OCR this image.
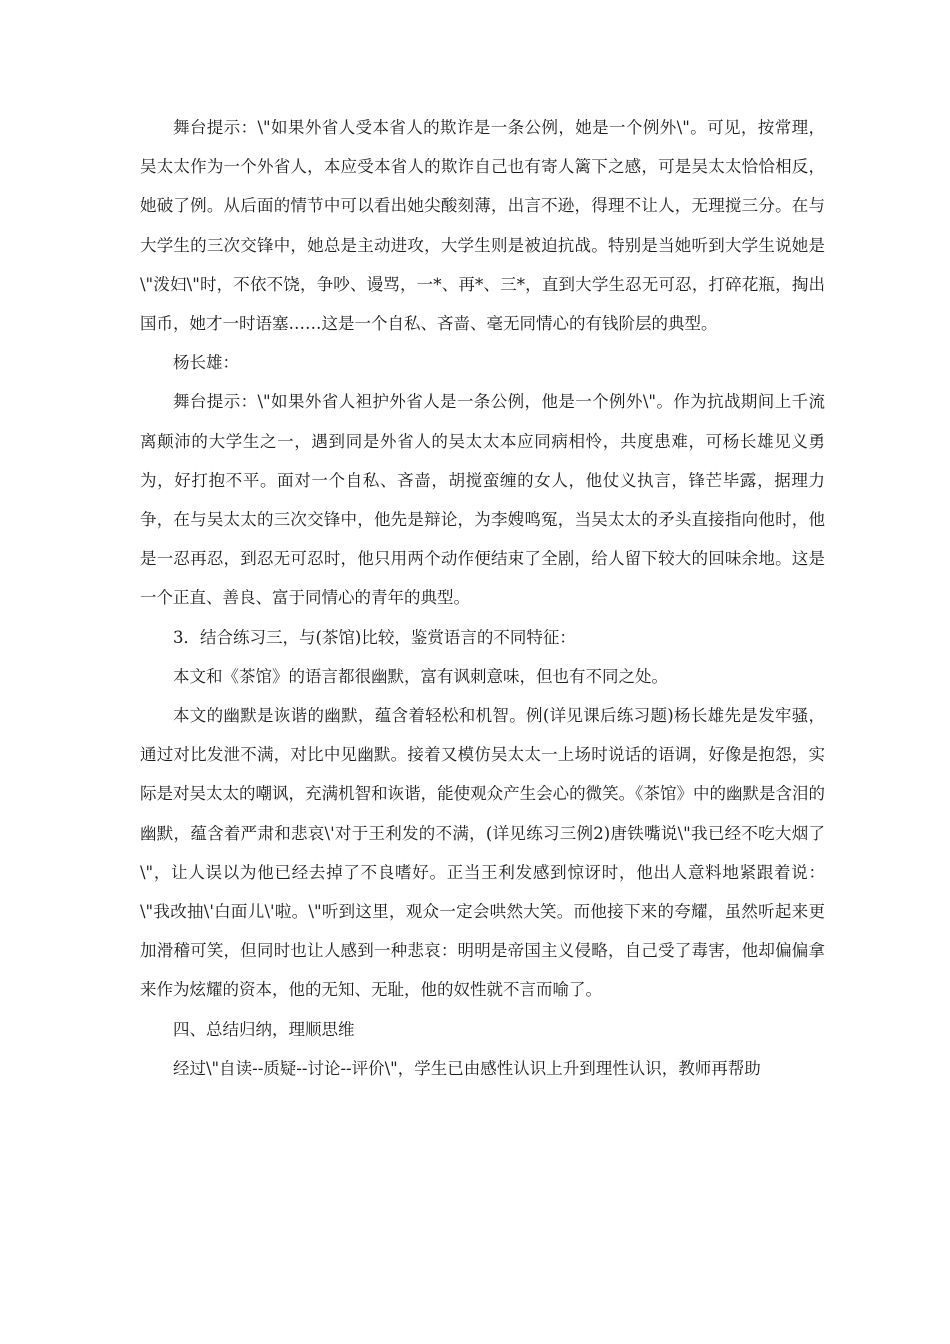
舞台提示：\"如果外省人受本省人的欺诈是一条公例，她是一个例外\"。可见，按常理，吴太太作为一个外省人，本应受本省人的欺诈自己也有寄人篱下之感，可是吴太太恰恰相反，她破了例。从后面的情节中可以看出她尖酸刻薄，出言不逊，得理不让人，无理搅三分。在与大学生的三次交锋中，她总是主动进攻，大学生则是被迫抗战。特别是当她听到大学生说她是\"泼妇\"时，不依不饶，争吵、谩骂，一*、再*、三*，直到大学生忍无可忍，打碎花瓶，掏出国币，她才一时语塞……这是一个自私、吝啬、毫无同情心的有钱阶层的典型。

杨长雄：

舞台提示：\"如果外省人袒护外省人是一条公例，他是一个例外\"。作为抗战期间上千流离颠沛的大学生之一，遇到同是外省人的吴太太本应同病相怜，共度患难，可杨长雄见义勇为，好打抱不平。面对一个自私、吝啬，胡搅蛮缠的女人，他仗义执言，锋芒毕露，据理力争，在与吴太太的三次交锋中，他先是辩论，为李嫂鸣冤，当吴太太的矛头直接指向他时，他是一忍再忍，到忍无可忍时，他只用两个动作便结束了全剧，给人留下较大的回味余地。这是一个正直、善良、富于同情心的青年的典型。

3．结合练习三，与(茶馆)比较，鉴赏语言的不同特征：

本文和《茶馆》的语言都很幽默，富有讽刺意味，但也有不同之处。

本文的幽默是诙谐的幽默，蕴含着轻松和机智。例(详见课后练习题)杨长雄先是发牢骚，通过对比发泄不满，对比中见幽默。接着又模仿吴太太一上场时说话的语调，好像是抱怨，实际是对吴太太的嘲讽，充满机智和诙谐，能使观众产生会心的微笑。《茶馆》中的幽默是含泪的幽默，蕴含着严肃和悲哀\'对于王利发的不满，(详见练习三例2)唐铁嘴说\"我已经不吃大烟了\"，让人误以为他已经去掉了不良嗜好。正当王利发感到惊讶时，他出人意料地紧跟着说：\"我改抽\'白面儿\'啦。\"听到这里，观众一定会哄然大笑。而他接下来的夸耀，虽然听起来更加滑稽可笑，但同时也让人感到一种悲哀：明明是帝国主义侵略，自己受了毒害，他却偏偏拿来作为炫耀的资本，他的无知、无耻，他的奴性就不言而喻了。

四、总结归纳，理顺思维

经过\"自读--质疑--讨论--评价\"，学生已由感性认识上升到理性认识，教师再帮助
